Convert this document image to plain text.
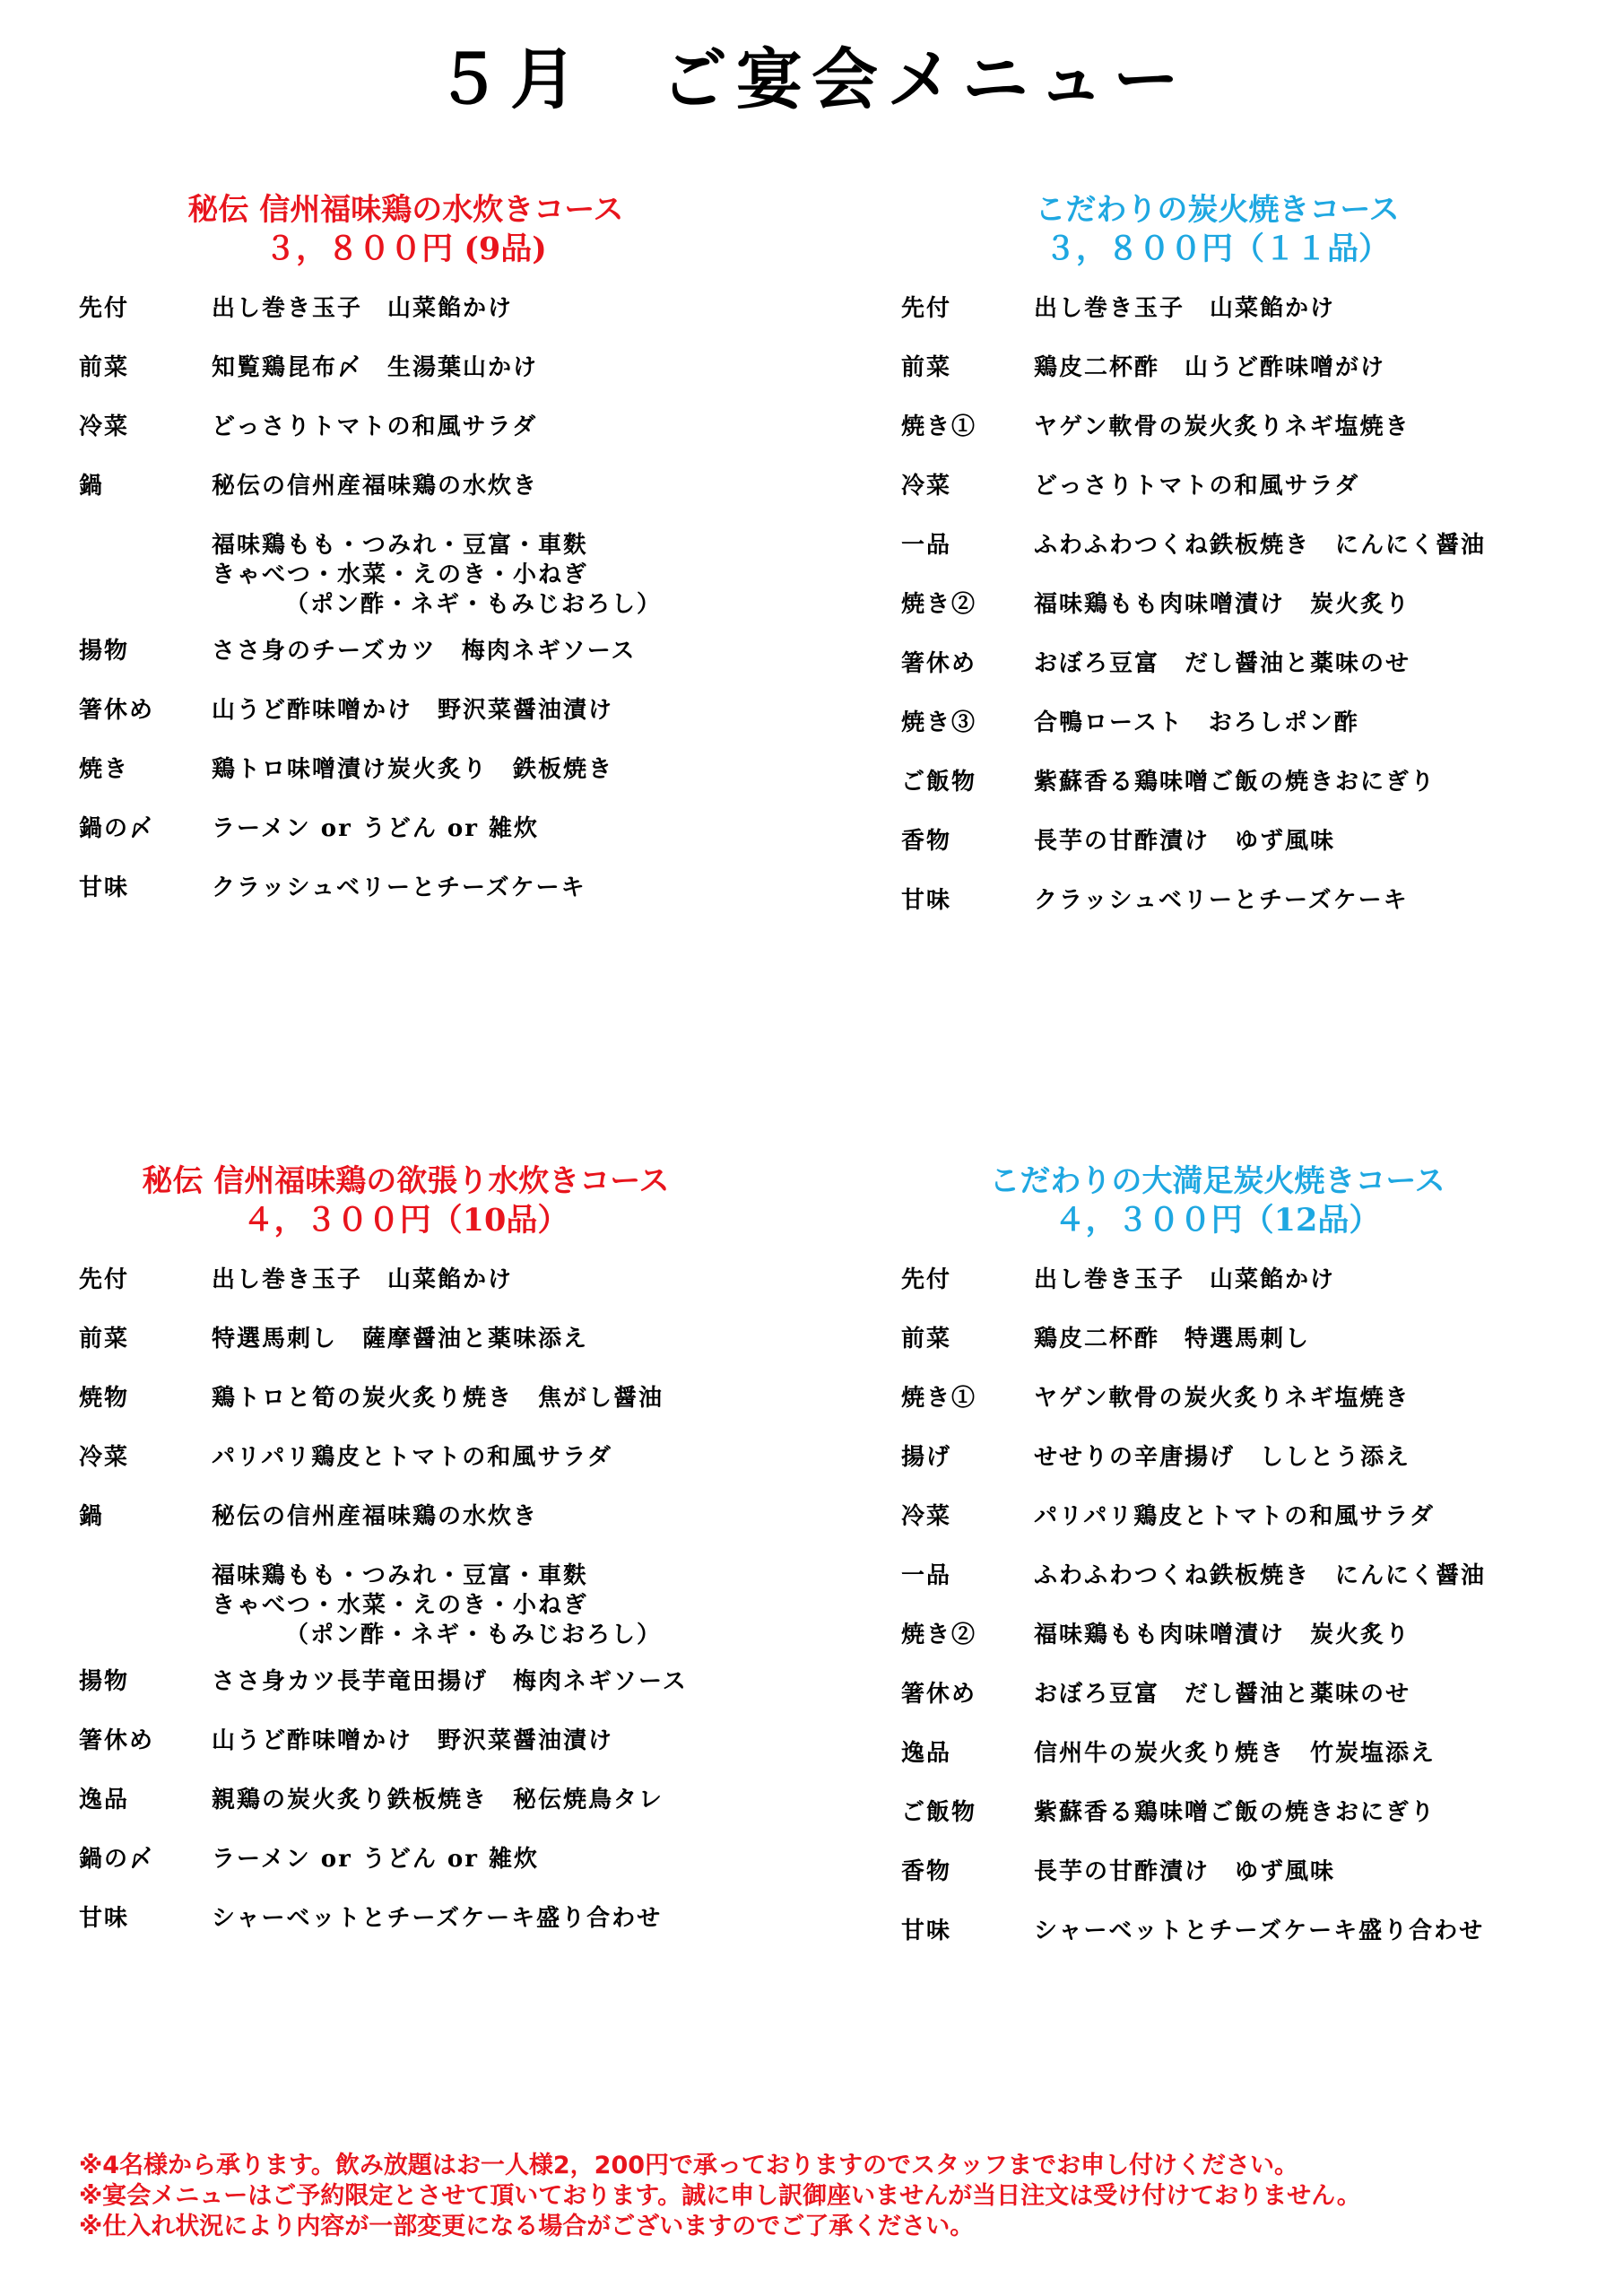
５月　ご宴会メニュー
秘伝 信州福味鶏の水炊きコース
３，８００円 (9品)
先付	出し巻き玉子　山菜餡かけ
前菜	知覧鶏昆布〆　生湯葉山かけ
冷菜	どっさりトマトの和風サラダ
鍋	秘伝の信州産福味鶏の水炊き
福味鶏もも・つみれ・豆富・車麩
きゃべつ・水菜・えのき・小ねぎ
（ポン酢・ネギ・もみじおろし）
揚物	ささ身のチーズカツ　梅肉ネギソース
箸休め	山うど酢味噌かけ　野沢菜醤油漬け
焼き	鶏トロ味噌漬け炭火炙り　鉄板焼き
鍋の〆	ラーメン or うどん or 雑炊
甘味	クラッシュベリーとチーズケーキ
こだわりの炭火焼きコース
３，８００円（１１品）
先付	出し巻き玉子　山菜餡かけ
前菜	鶏皮二杯酢　山うど酢味噌がけ
焼き①	ヤゲン軟骨の炭火炙りネギ塩焼き
冷菜	どっさりトマトの和風サラダ
一品	ふわふわつくね鉄板焼き　にんにく醤油
焼き②	福味鶏もも肉味噌漬け　炭火炙り
箸休め	おぼろ豆富　だし醤油と薬味のせ
焼き③	合鴨ロースト　おろしポン酢
ご飯物	紫蘇香る鶏味噌ご飯の焼きおにぎり
香物	長芋の甘酢漬け　ゆず風味
甘味	クラッシュベリーとチーズケーキ
秘伝 信州福味鶏の欲張り水炊きコース
４，３００円（10品）
先付	出し巻き玉子　山菜餡かけ
前菜	特選馬刺し　薩摩醤油と薬味添え
焼物	鶏トロと筍の炭火炙り焼き　焦がし醤油
冷菜	パリパリ鶏皮とトマトの和風サラダ
鍋	秘伝の信州産福味鶏の水炊き
福味鶏もも・つみれ・豆富・車麩
きゃべつ・水菜・えのき・小ねぎ
（ポン酢・ネギ・もみじおろし）
揚物	ささ身カツ長芋竜田揚げ　梅肉ネギソース
箸休め	山うど酢味噌かけ　野沢菜醤油漬け
逸品	親鶏の炭火炙り鉄板焼き　秘伝焼鳥タレ
鍋の〆	ラーメン or うどん or 雑炊
甘味	シャーベットとチーズケーキ盛り合わせ
こだわりの大満足炭火焼きコース
４，３００円（12品）
先付	出し巻き玉子　山菜餡かけ
前菜	鶏皮二杯酢　特選馬刺し
焼き①	ヤゲン軟骨の炭火炙りネギ塩焼き
揚げ	せせりの辛唐揚げ　ししとう添え
冷菜	パリパリ鶏皮とトマトの和風サラダ
一品	ふわふわつくね鉄板焼き　にんにく醤油
焼き②	福味鶏もも肉味噌漬け　炭火炙り
箸休め	おぼろ豆富　だし醤油と薬味のせ
逸品	信州牛の炭火炙り焼き　竹炭塩添え
ご飯物	紫蘇香る鶏味噌ご飯の焼きおにぎり
香物	長芋の甘酢漬け　ゆず風味
甘味	シャーベットとチーズケーキ盛り合わせ
※4名様から承ります。飲み放題はお一人様2，200円で承っておりますのでスタッフまでお申し付けください。
※宴会メニューはご予約限定とさせて頂いております。誠に申し訳御座いませんが当日注文は受け付けておりません。
※仕入れ状況により内容が一部変更になる場合がございますのでご了承ください。
